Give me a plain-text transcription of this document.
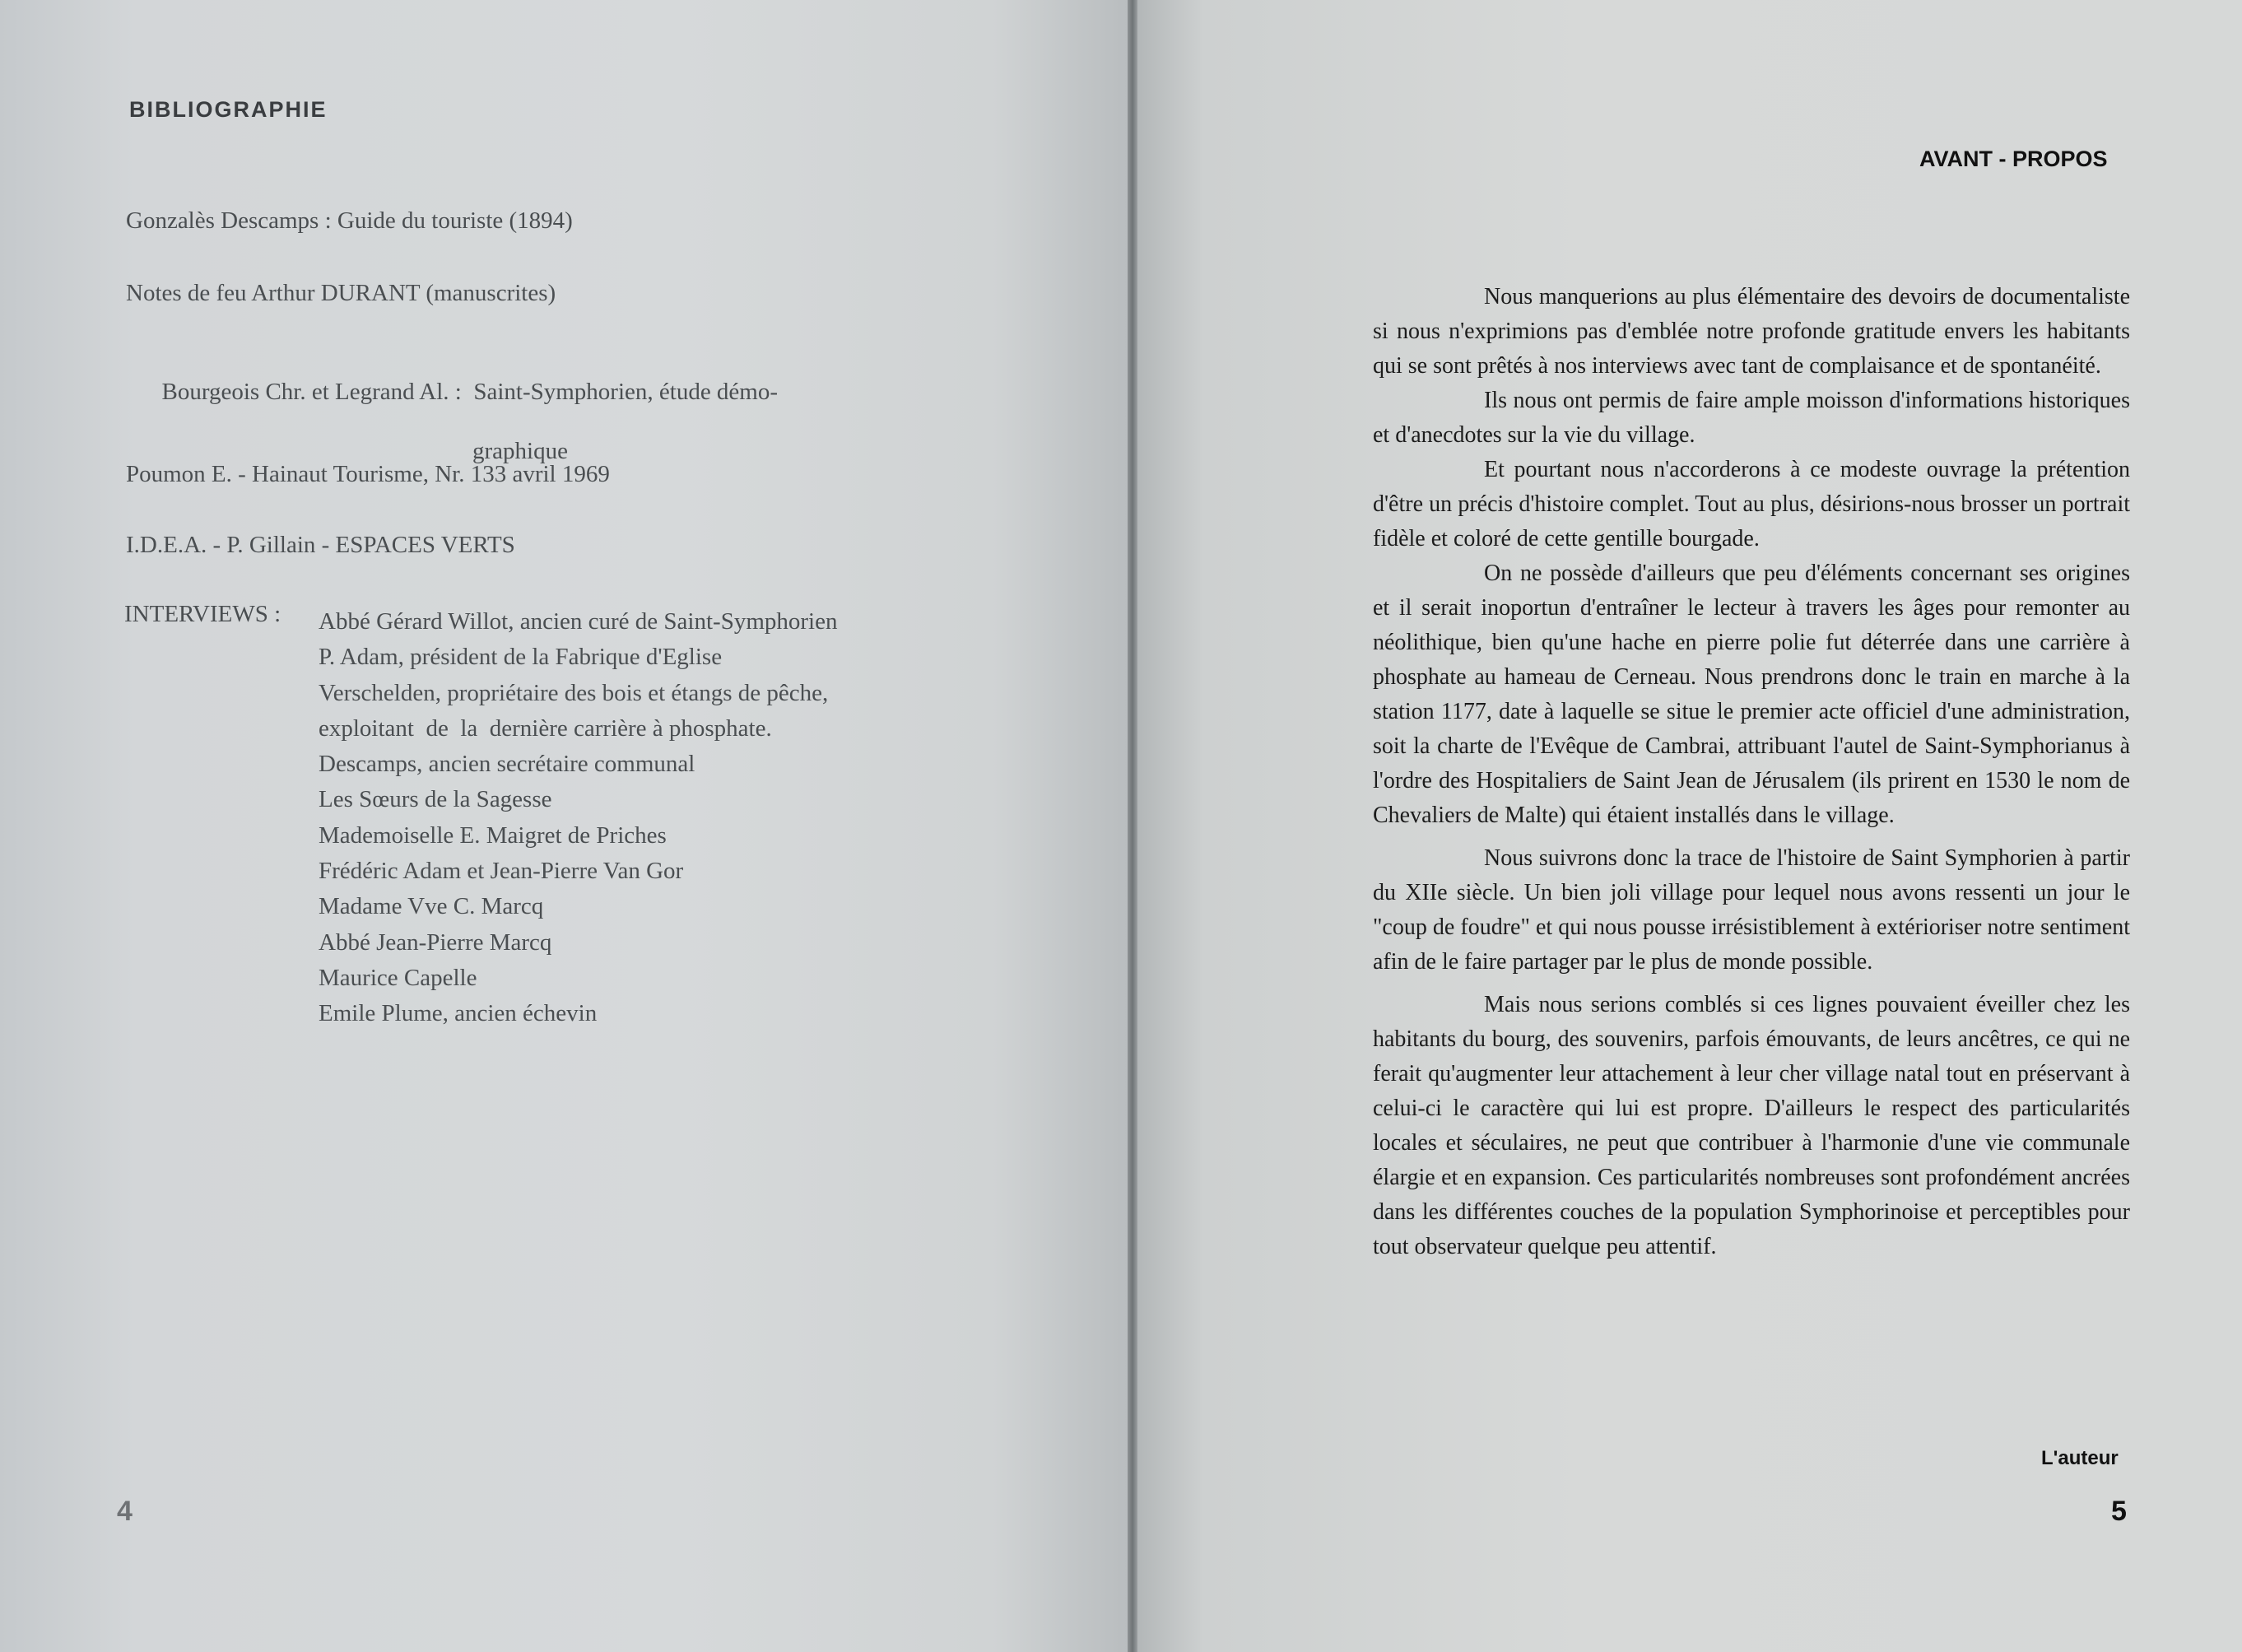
BIBLIOGRAPHIE
Gonzalès Descamps : Guide du touriste (1894)
Notes de feu Arthur DURANT (manuscrites)

Bourgeois Chr. et Legrand Al. :  Saint-Symphorien, étude démo-

graphique

Poumon E. - Hainaut Tourisme, Nr. 133 avril 1969
I.D.E.A. - P. Gillain - ESPACES VERTS
INTERVIEWS : Abbé Gérard Willot, ancien curé de Saint-Symphorien
P. Adam, président de la Fabrique d'Eglise
Verschelden, propriétaire des bois et étangs de pêche,
exploitant  de  la  dernière carrière à phosphate.
Descamps, ancien secrétaire communal
Les Sœurs de la Sagesse
Mademoiselle E. Maigret de Priches
Frédéric Adam et Jean-Pierre Van Gor
Madame Vve C. Marcq
Abbé Jean-Pierre Marcq
Maurice Capelle
Emile Plume, ancien échevin
4
AVANT - PROPOS

Nous manquerions au plus élémentaire des devoirs de documentaliste si nous n'exprimions pas d'emblée notre profonde gratitude envers les habitants qui se sont prêtés à nos interviews avec tant de complaisance et de spontanéité.

Ils nous ont permis de faire ample moisson d'informations historiques et d'anecdotes sur la vie du village.

Et pourtant nous n'accorderons à ce modeste ouvrage la prétention d'être un précis d'histoire complet. Tout au plus, désirions-nous brosser un portrait fidèle et coloré de cette gentille bourgade.

On ne possède d'ailleurs que peu d'éléments concernant ses origines et il serait inoportun d'entraîner le lecteur à travers les âges pour remonter au néolithique, bien qu'une hache en pierre polie fut déterrée dans une carrière à phosphate au hameau de Cerneau. Nous prendrons donc le train en marche à la station 1177, date à laquelle se situe le premier acte officiel d'une administration, soit la charte de l'Evêque de Cambrai, attribuant l'autel de Saint-Symphorianus à l'ordre des Hospitaliers de Saint Jean de Jérusalem (ils prirent en 1530 le nom de Chevaliers de Malte) qui étaient installés dans le village.

Nous suivrons donc la trace de l'histoire de Saint Symphorien à partir du XIIe siècle. Un bien joli village pour lequel nous avons ressenti un jour le "coup de foudre" et qui nous pousse irrésistiblement à extérioriser notre sentiment afin de le faire partager par le plus de monde possible.

Mais nous serions comblés si ces lignes pouvaient éveiller chez les habitants du bourg, des souvenirs, parfois émouvants, de leurs ancêtres, ce qui ne ferait qu'augmenter leur attachement à leur cher village natal tout en préservant à celui-ci le caractère qui lui est propre. D'ailleurs le respect des particularités locales et séculaires, ne peut que contribuer à l'harmonie d'une vie communale élargie et en expansion. Ces particularités nombreuses sont profondément ancrées dans les différentes couches de la population Symphorinoise et perceptibles pour tout observateur quelque peu attentif.

L'auteur
5
